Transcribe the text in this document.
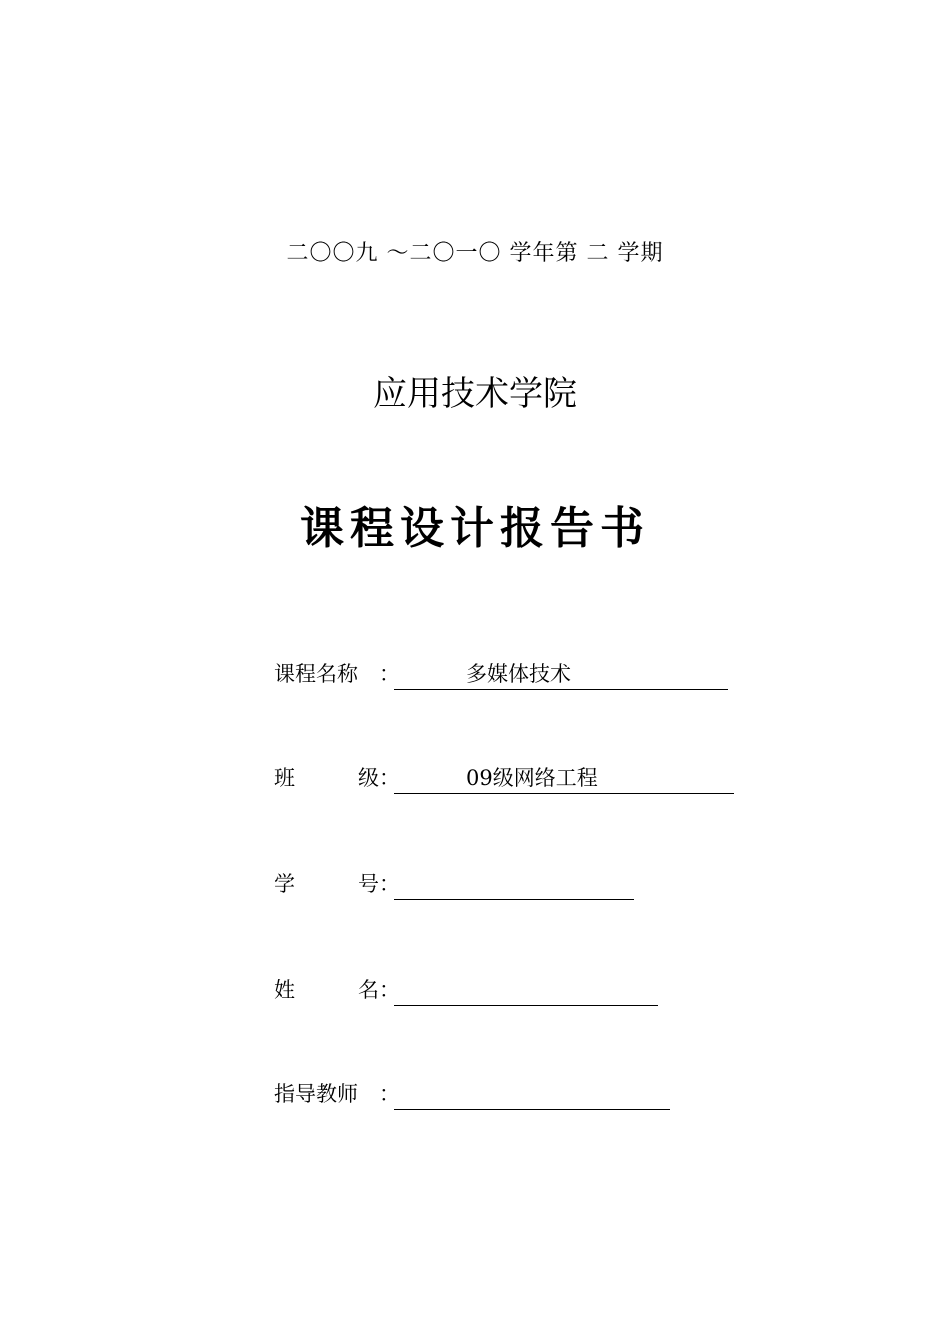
二〇〇九 ～二〇一〇 学年第 二 学期
应用技术学院
课程设计报告书
课程名称	：	多媒体技术
班	级 ：	09级网络工程
学	号 ：
姓	名 ：
指导教师	：
